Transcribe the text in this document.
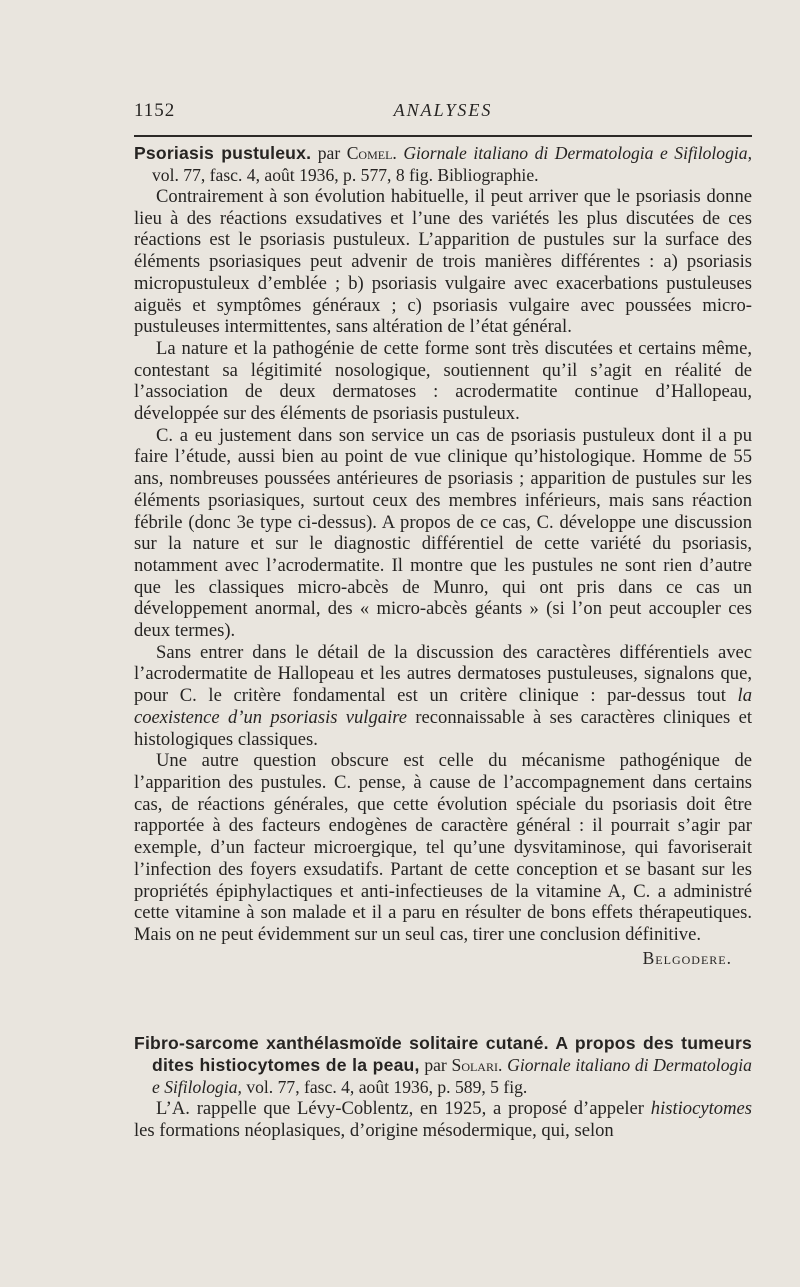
1152	ANALYSES
Psoriasis pustuleux. par Comel. Giornale italiano di Dermatologia e Sifilologia, vol. 77, fasc. 4, août 1936, p. 577, 8 fig. Bibliographie.

Contrairement à son évolution habituelle, il peut arriver que le psoriasis donne lieu à des réactions exsudatives et l’une des variétés les plus discutées de ces réactions est le psoriasis pustuleux. L’apparition de pustules sur la surface des éléments psoriasiques peut advenir de trois manières différentes : a) psoriasis micropustuleux d’emblée ; b) psoriasis vulgaire avec exacerbations pustuleuses aiguës et symptômes généraux ; c) psoriasis vulgaire avec poussées micro-pustuleuses intermittentes, sans altération de l’état général.

La nature et la pathogénie de cette forme sont très discutées et certains même, contestant sa légitimité nosologique, soutiennent qu’il s’agit en réalité de l’association de deux dermatoses : acrodermatite continue d’Hallopeau, développée sur des éléments de psoriasis pustuleux.

C. a eu justement dans son service un cas de psoriasis pustuleux dont il a pu faire l’étude, aussi bien au point de vue clinique qu’histologique. Homme de 55 ans, nombreuses poussées antérieures de psoriasis ; apparition de pustules sur les éléments psoriasiques, surtout ceux des membres inférieurs, mais sans réaction fébrile (donc 3e type ci-dessus). A propos de ce cas, C. développe une discussion sur la nature et sur le diagnostic différentiel de cette variété du psoriasis, notamment avec l’acrodermatite. Il montre que les pustules ne sont rien d’autre que les classiques micro-abcès de Munro, qui ont pris dans ce cas un développement anormal, des « micro-abcès géants » (si l’on peut accoupler ces deux termes).

Sans entrer dans le détail de la discussion des caractères différentiels avec l’acrodermatite de Hallopeau et les autres dermatoses pustuleuses, signalons que, pour C. le critère fondamental est un critère clinique : par-dessus tout la coexistence d’un psoriasis vulgaire reconnaissable à ses caractères cliniques et histologiques classiques.

Une autre question obscure est celle du mécanisme pathogénique de l’apparition des pustules. C. pense, à cause de l’accompagnement dans certains cas, de réactions générales, que cette évolution spéciale du psoriasis doit être rapportée à des facteurs endogènes de caractère général : il pourrait s’agir par exemple, d’un facteur microergique, tel qu’une dysvitaminose, qui favoriserait l’infection des foyers exsudatifs. Partant de cette conception et se basant sur les propriétés épiphylactiques et anti-infectieuses de la vitamine A, C. a administré cette vitamine à son malade et il a paru en résulter de bons effets thérapeutiques. Mais on ne peut évidemment sur un seul cas, tirer une conclusion définitive.

Belgodere.

Fibro-sarcome xanthélasmoïde solitaire cutané. A propos des tumeurs dites histiocytomes de la peau, par Solari. Giornale italiano di Dermatologia e Sifilologia, vol. 77, fasc. 4, août 1936, p. 589, 5 fig.

L’A. rappelle que Lévy-Coblentz, en 1925, a proposé d’appeler histiocytomes les formations néoplasiques, d’origine mésodermique, qui, selon
